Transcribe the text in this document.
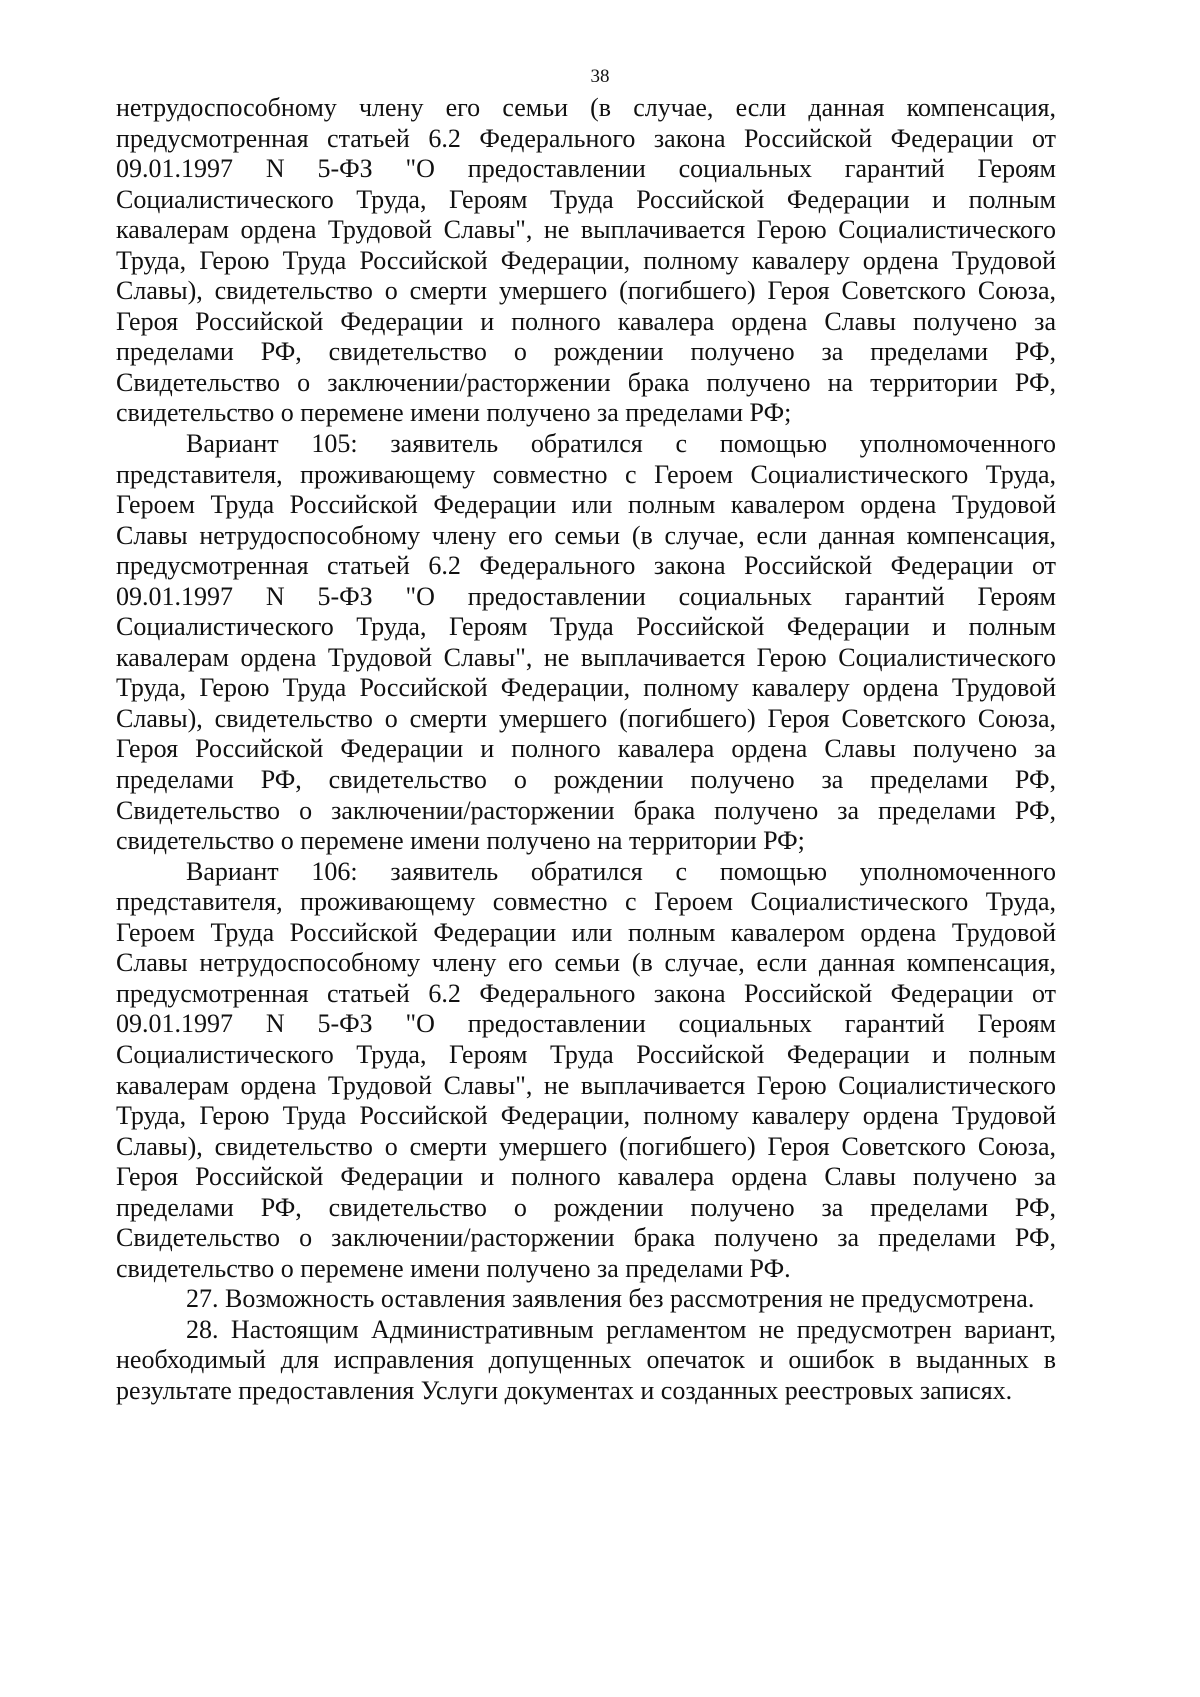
38

нетрудоспособному члену его семьи (в случае, если данная компенсация, предусмотренная статьей 6.2 Федерального закона Российской Федерации от 09.01.1997 N 5-ФЗ "О предоставлении социальных гарантий Героям Социалистического Труда, Героям Труда Российской Федерации и полным кавалерам ордена Трудовой Славы", не выплачивается Герою Социалистического Труда, Герою Труда Российской Федерации, полному кавалеру ордена Трудовой Славы), свидетельство о смерти умершего (погибшего) Героя Советского Союза, Героя Российской Федерации и полного кавалера ордена Славы получено за пределами РФ, свидетельство о рождении получено за пределами РФ, Свидетельство о заключении/расторжении брака получено на территории РФ, свидетельство о перемене имени получено за пределами РФ;

Вариант 105: заявитель обратился с помощью уполномоченного представителя, проживающему совместно с Героем Социалистического Труда, Героем Труда Российской Федерации или полным кавалером ордена Трудовой Славы нетрудоспособному члену его семьи (в случае, если данная компенсация, предусмотренная статьей 6.2 Федерального закона Российской Федерации от 09.01.1997 N 5-ФЗ "О предоставлении социальных гарантий Героям Социалистического Труда, Героям Труда Российской Федерации и полным кавалерам ордена Трудовой Славы", не выплачивается Герою Социалистического Труда, Герою Труда Российской Федерации, полному кавалеру ордена Трудовой Славы), свидетельство о смерти умершего (погибшего) Героя Советского Союза, Героя Российской Федерации и полного кавалера ордена Славы получено за пределами РФ, свидетельство о рождении получено за пределами РФ, Свидетельство о заключении/расторжении брака получено за пределами РФ, свидетельство о перемене имени получено на территории РФ;

Вариант 106: заявитель обратился с помощью уполномоченного представителя, проживающему совместно с Героем Социалистического Труда, Героем Труда Российской Федерации или полным кавалером ордена Трудовой Славы нетрудоспособному члену его семьи (в случае, если данная компенсация, предусмотренная статьей 6.2 Федерального закона Российской Федерации от 09.01.1997 N 5-ФЗ "О предоставлении социальных гарантий Героям Социалистического Труда, Героям Труда Российской Федерации и полным кавалерам ордена Трудовой Славы", не выплачивается Герою Социалистического Труда, Герою Труда Российской Федерации, полному кавалеру ордена Трудовой Славы), свидетельство о смерти умершего (погибшего) Героя Советского Союза, Героя Российской Федерации и полного кавалера ордена Славы получено за пределами РФ, свидетельство о рождении получено за пределами РФ, Свидетельство о заключении/расторжении брака получено за пределами РФ, свидетельство о перемене имени получено за пределами РФ.

27. Возможность оставления заявления без рассмотрения не предусмотрена.

28. Настоящим Административным регламентом не предусмотрен вариант, необходимый для исправления допущенных опечаток и ошибок в выданных в результате предоставления Услуги документах и созданных реестровых записях.
